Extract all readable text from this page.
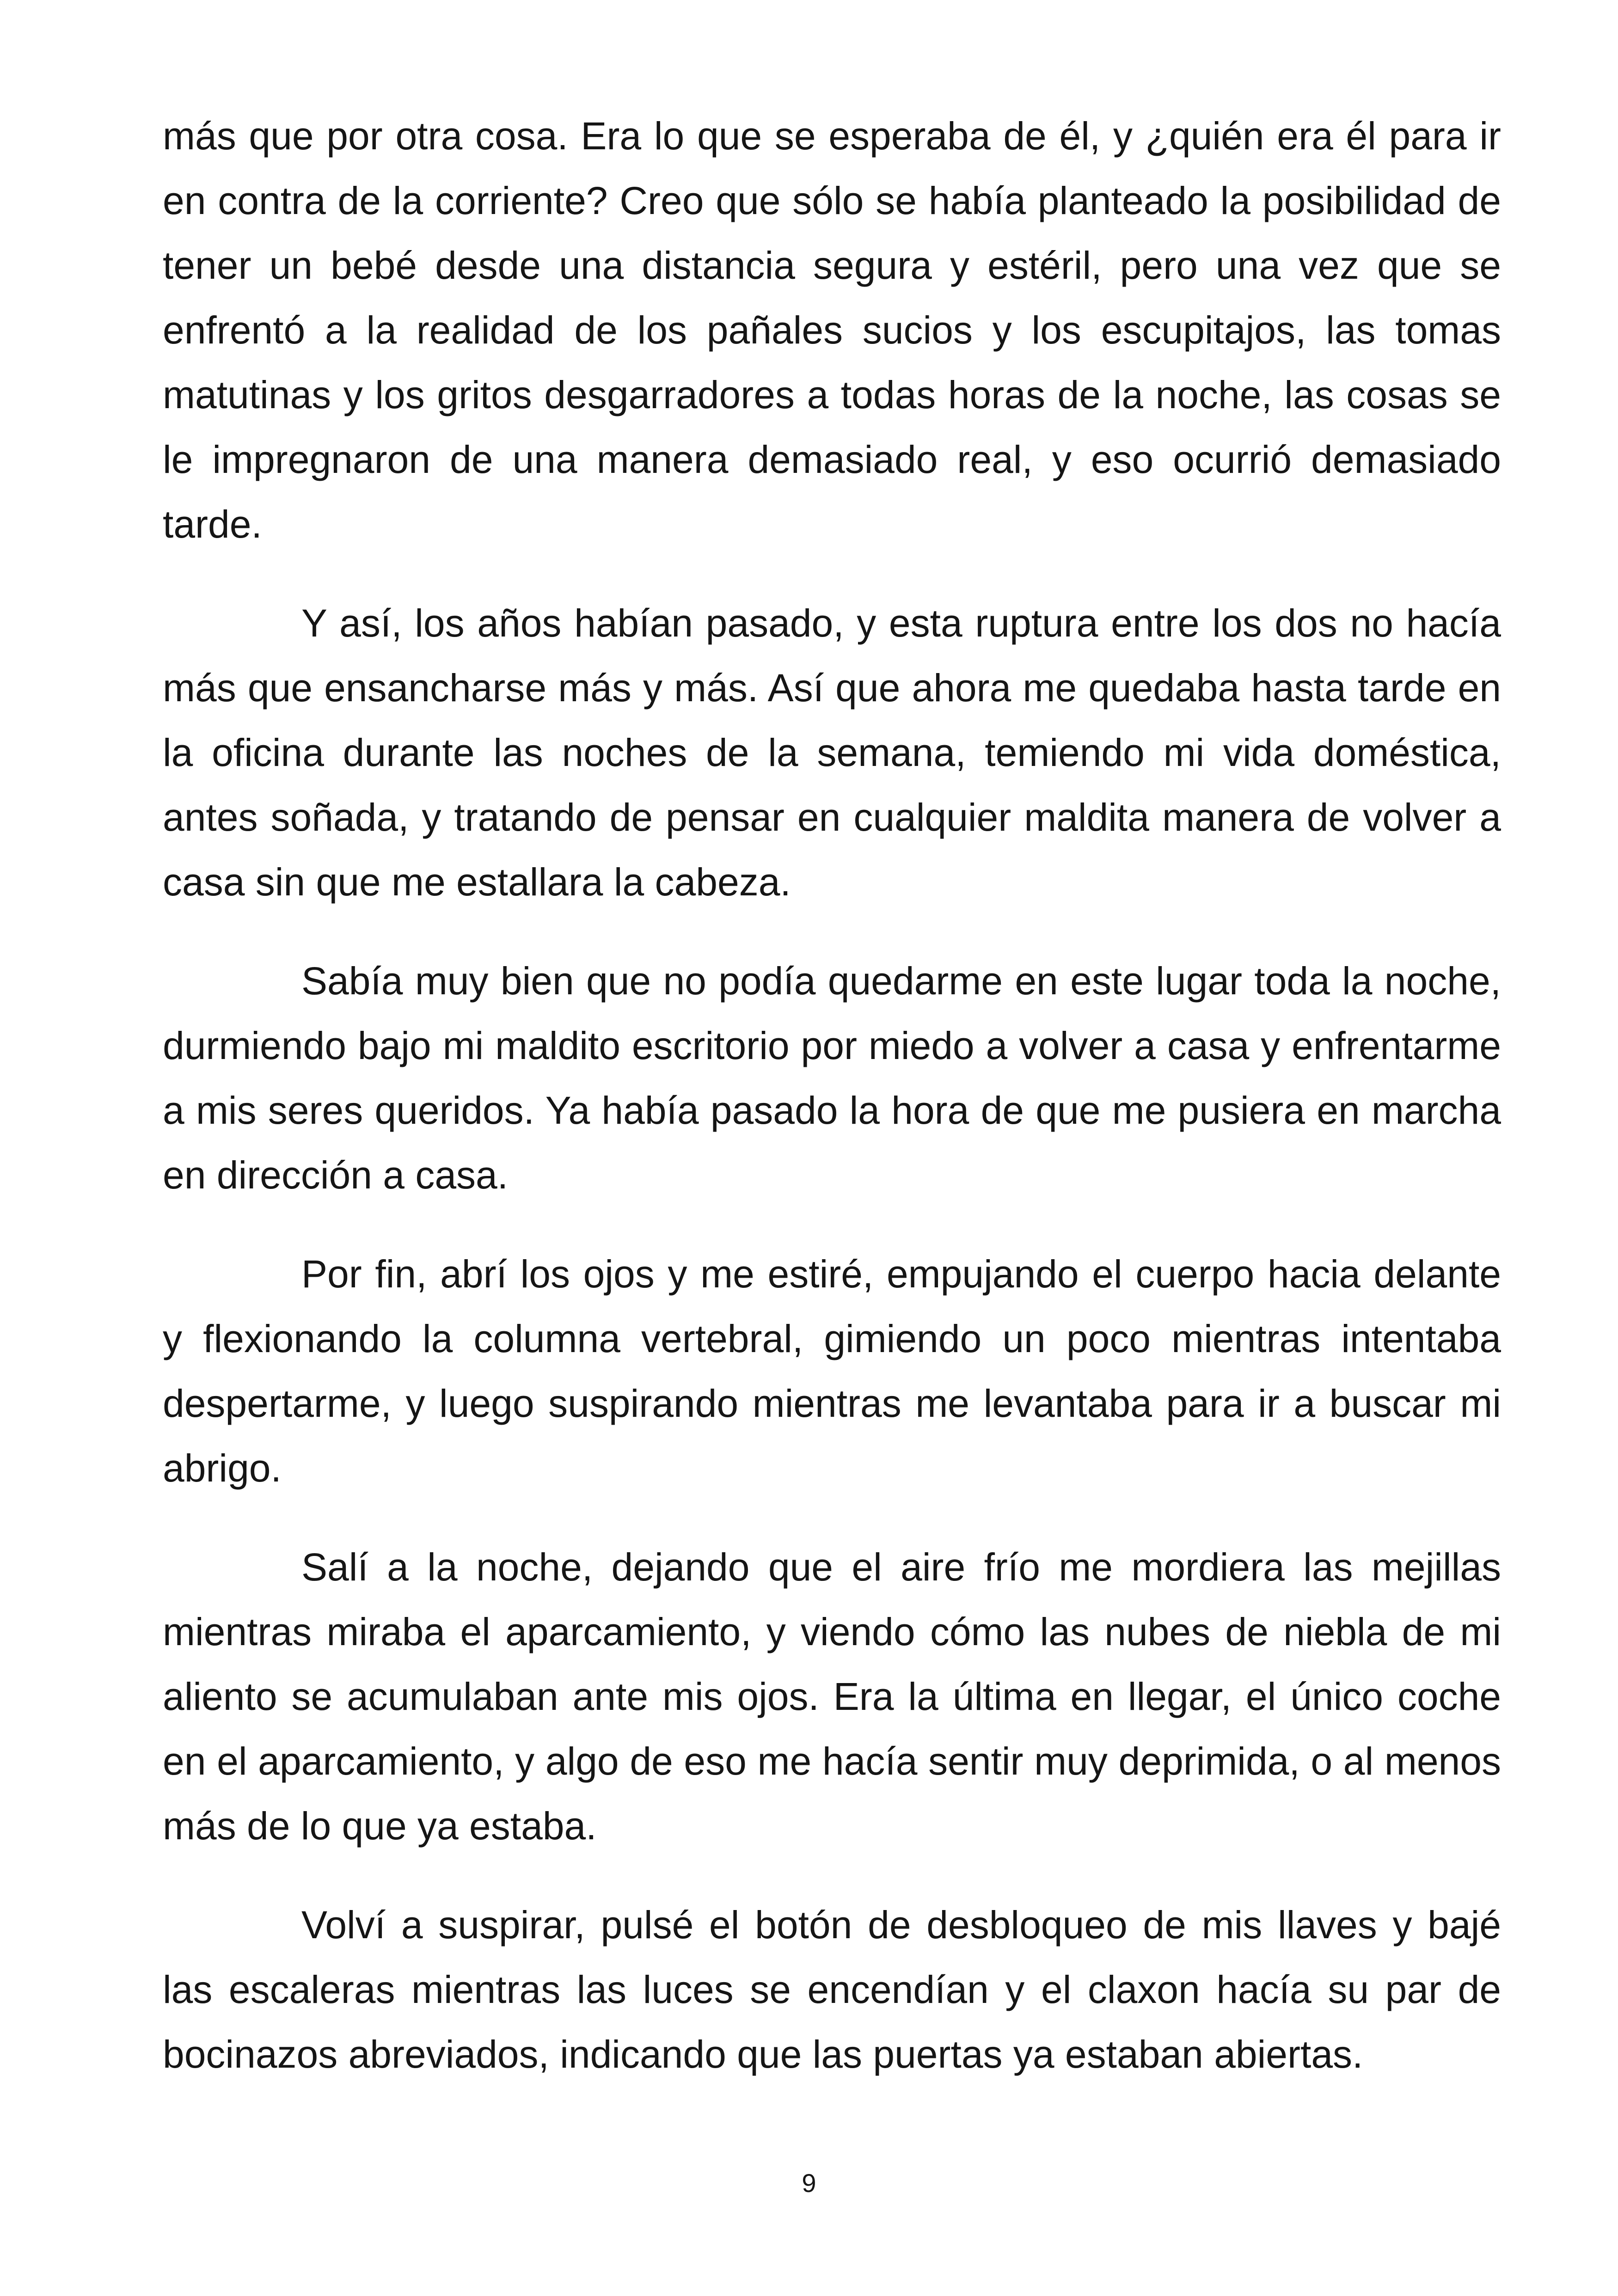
más que por otra cosa. Era lo que se esperaba de él, y ¿quién era él para ir en contra de la corriente? Creo que sólo se había planteado la posibilidad de tener un bebé desde una distancia segura y estéril, pero una vez que se enfrentó a la realidad de los pañales sucios y los escupitajos, las tomas matutinas y los gritos desgarradores a todas horas de la noche, las cosas se le impregnaron de una manera demasiado real, y eso ocurrió demasiado tarde.

Y así, los años habían pasado, y esta ruptura entre los dos no hacía más que ensancharse más y más. Así que ahora me quedaba hasta tarde en la oficina durante las noches de la semana, temiendo mi vida doméstica, antes soñada, y tratando de pensar en cualquier maldita manera de volver a casa sin que me estallara la cabeza.

Sabía muy bien que no podía quedarme en este lugar toda la noche, durmiendo bajo mi maldito escritorio por miedo a volver a casa y enfrentarme a mis seres queridos. Ya había pasado la hora de que me pusiera en marcha en dirección a casa.

Por fin, abrí los ojos y me estiré, empujando el cuerpo hacia delante y flexionando la columna vertebral, gimiendo un poco mientras intentaba despertarme, y luego suspirando mientras me levantaba para ir a buscar mi abrigo.

Salí a la noche, dejando que el aire frío me mordiera las mejillas mientras miraba el aparcamiento, y viendo cómo las nubes de niebla de mi aliento se acumulaban ante mis ojos. Era la última en llegar, el único coche en el aparcamiento, y algo de eso me hacía sentir muy deprimida, o al menos más de lo que ya estaba.

Volví a suspirar, pulsé el botón de desbloqueo de mis llaves y bajé las escaleras mientras las luces se encendían y el claxon hacía su par de bocinazos abreviados, indicando que las puertas ya estaban abiertas.

9
